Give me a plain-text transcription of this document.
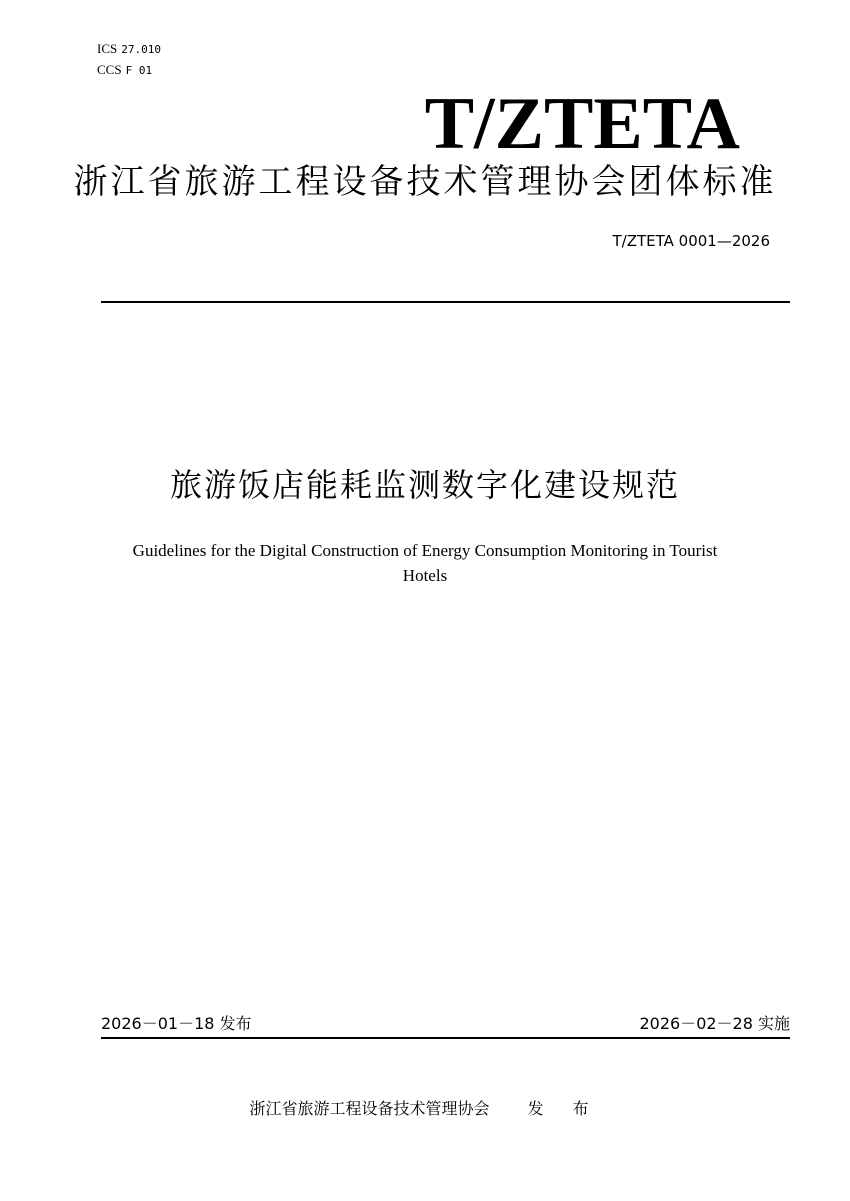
ICS 27.010
CCS F 01
T/ZTETA
浙江省旅游工程设备技术管理协会团体标准
T/ZTETA 0001—2026
旅游饭店能耗监测数字化建设规范
Guidelines for the Digital Construction of Energy Consumption Monitoring in Tourist Hotels
2026－01－18 发布	2026－02－28 实施
浙江省旅游工程设备技术管理协会 发 布
